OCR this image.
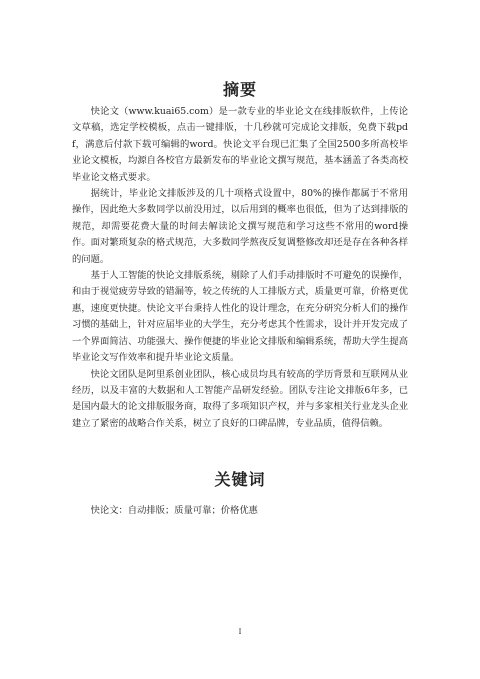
摘要

快论文（www.kuai65.com）是一款专业的毕业论文在线排版软件，上传论文草稿，选定学校模板，点击一键排版，十几秒就可完成论文排版，免费下载pdf，满意后付款下载可编辑的word。快论文平台现已汇集了全国2500多所高校毕业论文模板，均源自各校官方最新发布的毕业论文撰写规范，基本涵盖了各类高校毕业论文格式要求。

据统计，毕业论文排版涉及的几十项格式设置中，80%的操作都属于不常用操作，因此绝大多数同学以前没用过，以后用到的概率也很低，但为了达到排版的规范，却需要花费大量的时间去解读论文撰写规范和学习这些不常用的word操作。面对繁琐复杂的格式规范，大多数同学熬夜反复调整修改却还是存在各种各样的问题。

基于人工智能的快论文排版系统，剔除了人们手动排版时不可避免的误操作，和由于视觉疲劳导致的错漏等，较之传统的人工排版方式，质量更可靠，价格更优惠，速度更快捷。快论文平台秉持人性化的设计理念，在充分研究分析人们的操作习惯的基础上，针对应届毕业的大学生，充分考虑其个性需求，设计并开发完成了一个界面简洁、功能强大、操作便捷的毕业论文排版和编辑系统，帮助大学生提高毕业论文写作效率和提升毕业论文质量。

快论文团队是阿里系创业团队，核心成员均具有较高的学历背景和互联网从业经历，以及丰富的大数据和人工智能产品研发经验。团队专注论文排版6年多，已是国内最大的论文排版服务商，取得了多项知识产权，并与多家相关行业龙头企业建立了紧密的战略合作关系，树立了良好的口碑品牌，专业品质，值得信赖。

关键词

快论文：自动排版；质量可靠；价格优惠

I
